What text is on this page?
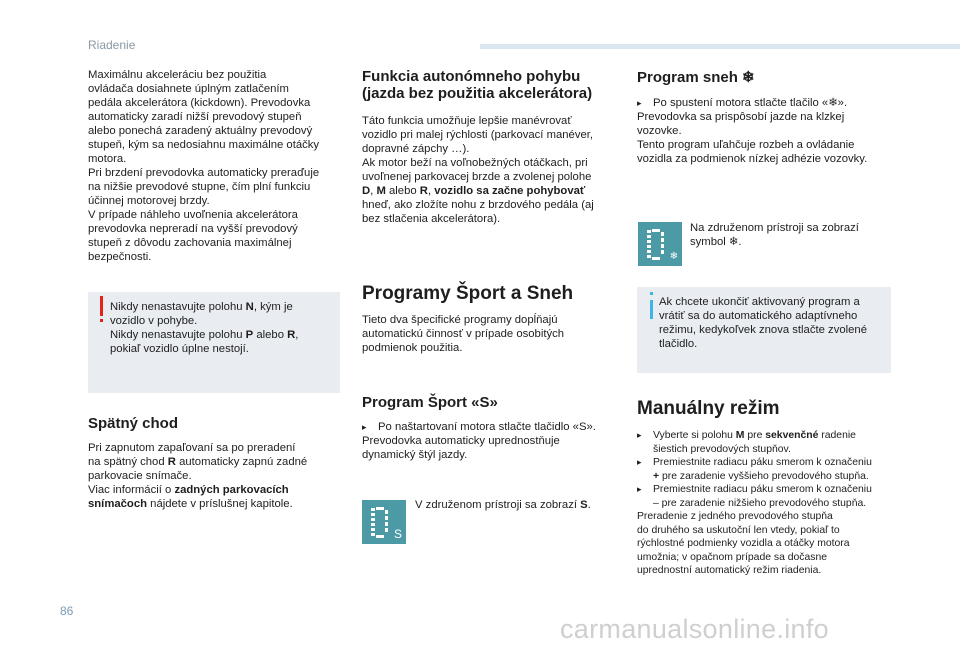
Riadenie

Maximálnu akceleráciu bez použitia

ovládača dosiahnete úplným zatlačením

pedála akcelerátora (kickdown). Prevodovka

automaticky zaradí nižší prevodový stupeň

alebo ponechá zaradený aktuálny prevodový

stupeň, kým sa nedosiahnu maximálne otáčky

motora.

Pri brzdení prevodovka automaticky preraďuje

na nižšie prevodové stupne, čím plní funkciu

účinnej motorovej brzdy.

V prípade náhleho uvoľnenia akcelerátora

prevodovka nepreradí na vyšší prevodový

stupeň z dôvodu zachovania maximálnej

bezpečnosti.

Nikdy nenastavujte polohu N, kým je
vozidlo v pohybe.
Nikdy nenastavujte polohu P alebo R,
pokiaľ vozidlo úplne nestojí.
Spätný chod

Pri zapnutom zapaľovaní sa po preradení

na spätný chod R automaticky zapnú zadné

parkovacie snímače.

Viac informácií o zadných parkovacích

snímačoch nájdete v príslušnej kapitole.

Funkcia autonómneho pohybu
(jazda bez použitia akcelerátora)

Táto funkcia umožňuje lepšie manévrovať

vozidlo pri malej rýchlosti (parkovací manéver,

dopravné zápchy …).

Ak motor beží na voľnobežných otáčkach, pri

uvoľnenej parkovacej brzde a zvolenej polohe

D, M alebo R, vozidlo sa začne pohybovať

hneď, ako zložíte nohu z brzdového pedála (aj

bez stlačenia akcelerátora).

Programy Šport a Sneh

Tieto dva špecifické programy dopĺňajú

automatickú činnosť v prípade osobitých

podmienok použitia.

Program Šport «S»
▸ Po naštartovaní motora stlačte tlačidlo «S».

Prevodovka automaticky uprednostňuje

dynamický štýl jazdy.

S
V združenom prístroji sa zobrazí S.
Program sneh ❄
▸ Po spustení motora stlačte tlačilo «❄».

Prevodovka sa prispôsobí jazde na klzkej

vozovke.

Tento program uľahčuje rozbeh a ovládanie

vozidla za podmienok nízkej adhézie vozovky.

❄

Na združenom prístroji sa zobrazí

symbol ❄.

Ak chcete ukončiť aktivovaný program a
vrátiť sa do automatického adaptívneho
režimu, kedykoľvek znova stlačte zvolené
tlačidlo.
Manuálny režim
▸ Vyberte si polohu M pre sekvenčné radenie
šiestich prevodových stupňov.
▸ Premiestnite radiacu páku smerom k označeniu
+ pre zaradenie vyššieho prevodového stupňa.
▸ Premiestnite radiacu páku smerom k označeniu
– pre zaradenie nižšieho prevodového stupňa.
Preradenie z jedného prevodového stupňa
do druhého sa uskutoční len vtedy, pokiaľ to
rýchlostné podmienky vozidla a otáčky motora
umožnia; v opačnom prípade sa dočasne
uprednostní automatický režim riadenia.
86
carmanualsonline.info
